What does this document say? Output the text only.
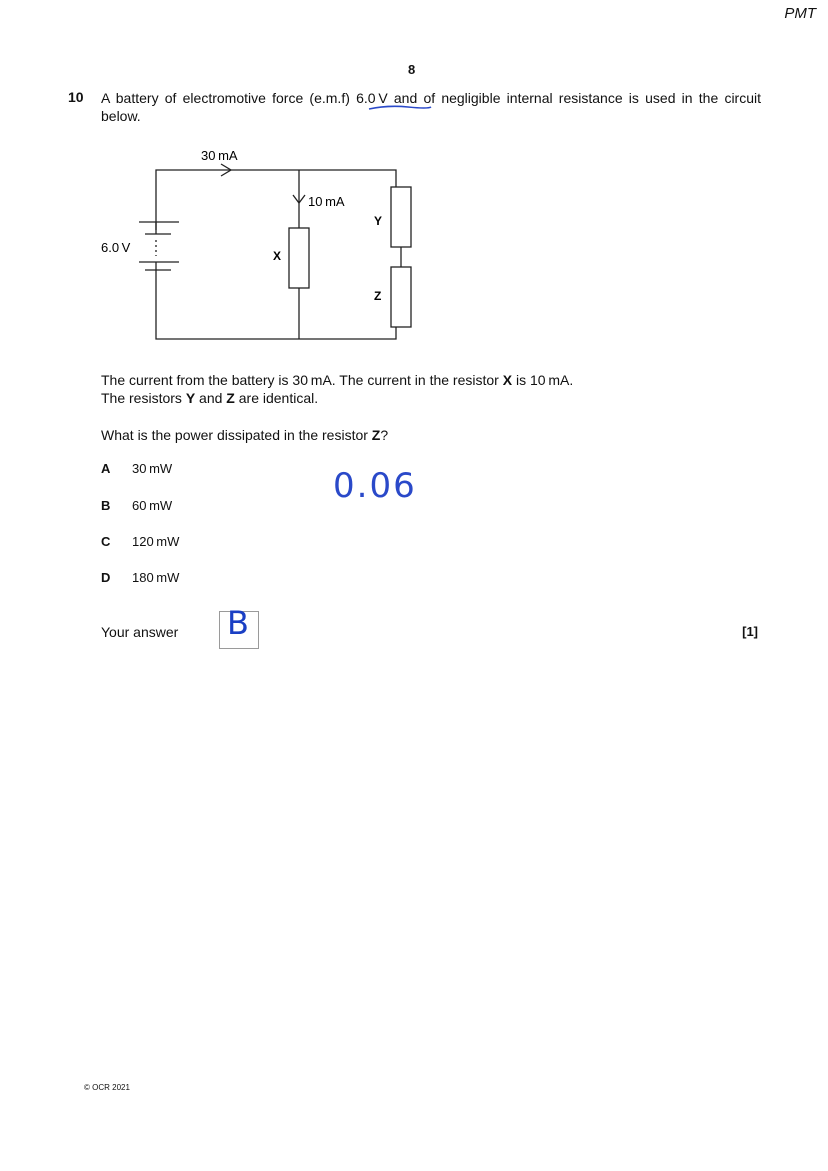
PMT
8
10 A battery of electromotive force (e.m.f) 6.0 V and of negligible internal resistance is used in the circuit below.
30 mA
10 mA
6.0 V
X
Y
Z
The current from the battery is 30 mA. The current in the resistor X is 10 mA.
The resistors Y and Z are identical.
What is the power dissipated in the resistor Z?
A 30 mW
B 60 mW
C 120 mW
D 180 mW
0.06
Your answer B	[1]
© OCR 2021
